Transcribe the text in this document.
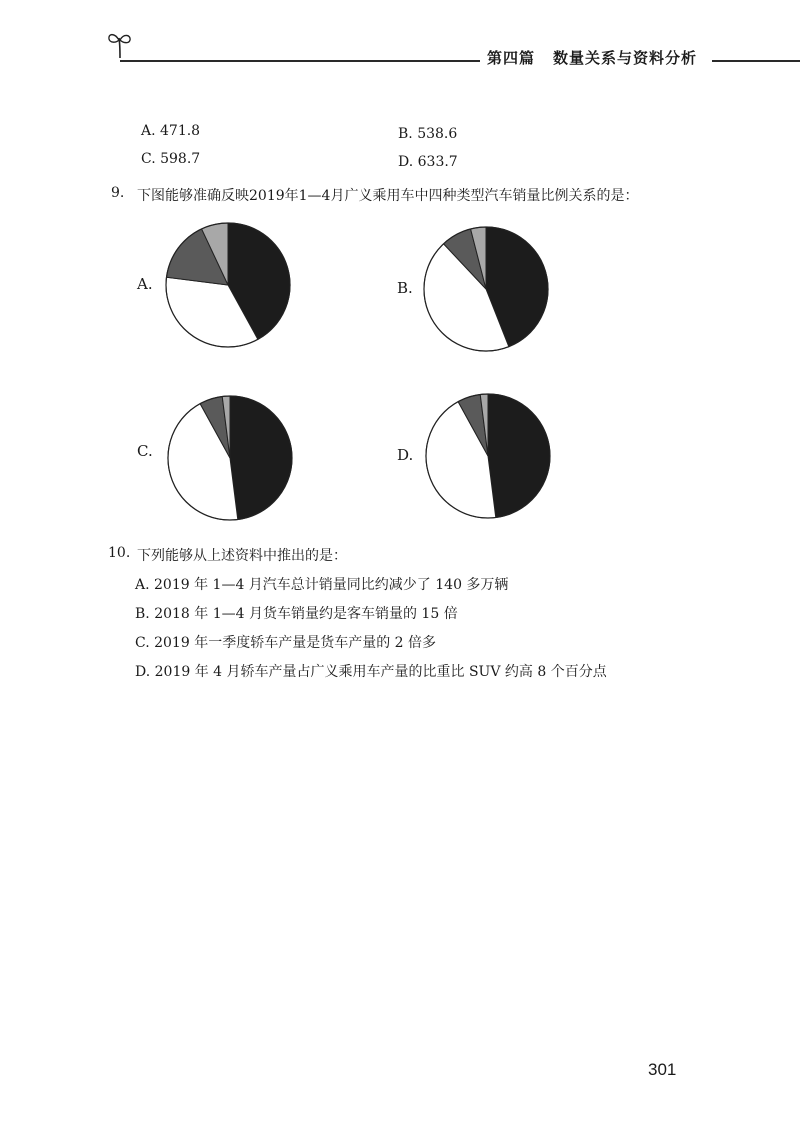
第四篇 数量关系与资料分析
A. 471.8	B. 538.6
C. 598.7	D. 633.7
9. 下图能够准确反映2019年1—4月广义乘用车中四种类型汽车销量比例关系的是：
A.	B.
C.	D.
10. 下列能够从上述资料中推出的是：
A. 2019 年 1—4 月汽车总计销量同比约减少了 140 多万辆
B. 2018 年 1—4 月货车销量约是客车销量的 15 倍
C. 2019 年一季度轿车产量是货车产量的 2 倍多
D. 2019 年 4 月轿车产量占广义乘用车产量的比重比 SUV 约高 8 个百分点
301
